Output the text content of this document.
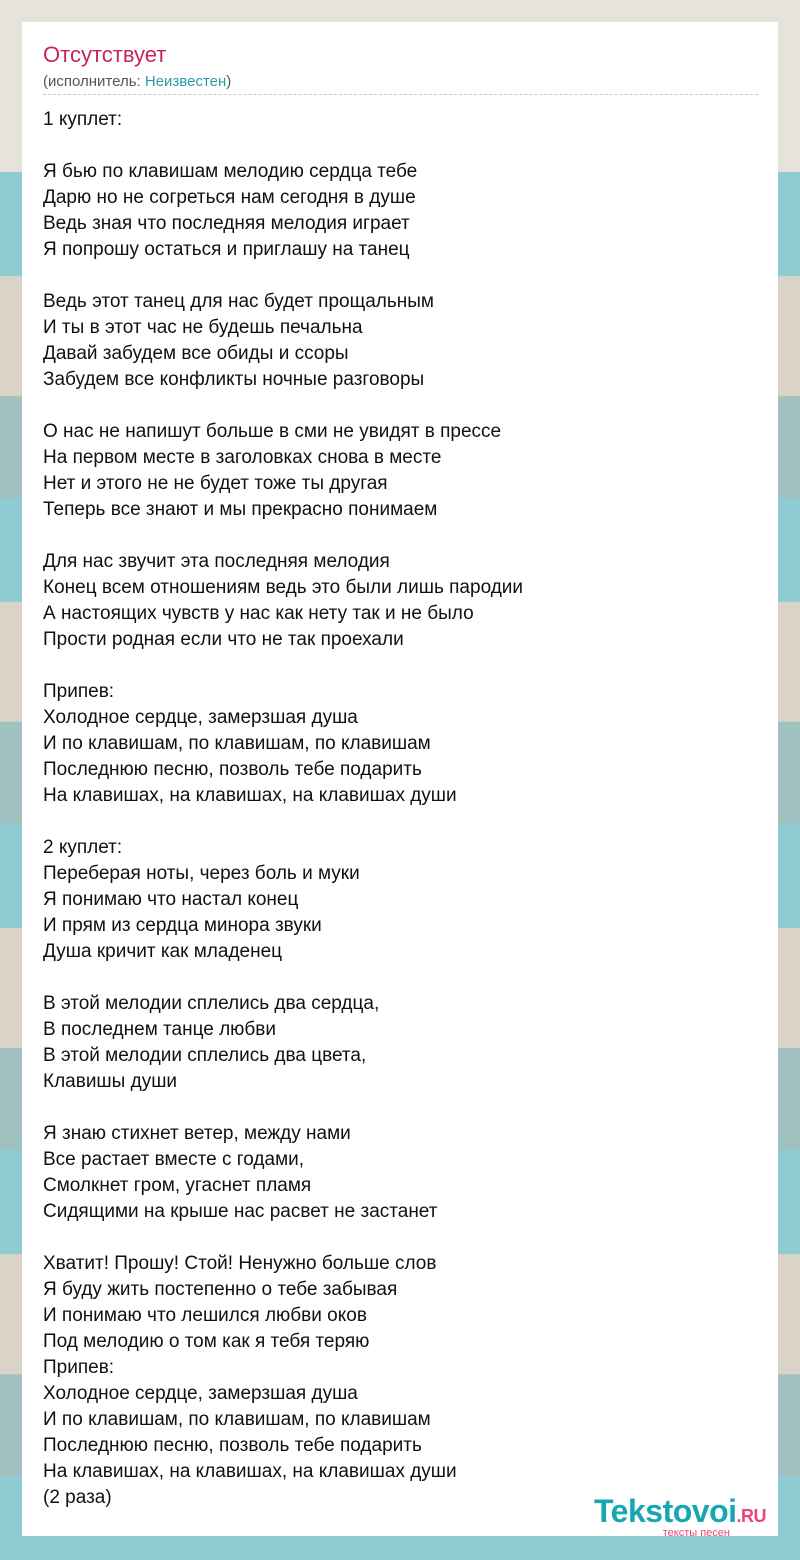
Отсутствует

(исполнитель: Неизвестен)

1 куплет:
Я бью по клавишам мелодию сердца тебе
Дарю но не согреться нам сегодня в душе
Ведь зная что последняя мелодия играет
Я попрошу остаться и приглашу на танец
Ведь этот танец для нас будет прощальным
И ты в этот час не будешь печальна
Давай забудем все обиды и ссоры
Забудем все конфликты ночные разговоры
О нас не напишут больше в сми не увидят в прессе
На первом месте в заголовках снова в месте
Нет и этого не не будет тоже ты другая
Теперь все знают и мы прекрасно понимаем
Для нас звучит эта последняя мелодия
Конец всем отношениям ведь это были лишь пародии
А настоящих чувств у нас как нету так и не было
Прости родная если что не так проехали
Припев:
Холодное сердце, замерзшая душа
И по клавишам, по клавишам, по клавишам
Последнюю песню, позволь тебе подарить
На клавишах, на клавишах, на клавишах души
2 куплет:
Переберая ноты, через боль и муки
Я понимаю что настал конец
И прям из сердца минора звуки
Душа кричит как младенец
В этой мелодии сплелись два сердца,
В последнем танце любви
В этой мелодии сплелись два цвета,
Клавишы души
Я знаю стихнет ветер, между нами
Все растает вместе с годами,
Смолкнет гром, угаснет пламя
Сидящими на крыше нас расвет не застанет
Хватит! Прошу! Стой! Ненужно больше слов
Я буду жить постепенно о тебе забывая
И понимаю что лешился любви оков
Под мелодию о том как я тебя теряю
Припев:
Холодное сердце, замерзшая душа
И по клавишам, по клавишам, по клавишам
Последнюю песню, позволь тебе подарить
На клавишах, на клавишах, на клавишах души
(2 раза)	Tekstovoi.RU
тексты песен
